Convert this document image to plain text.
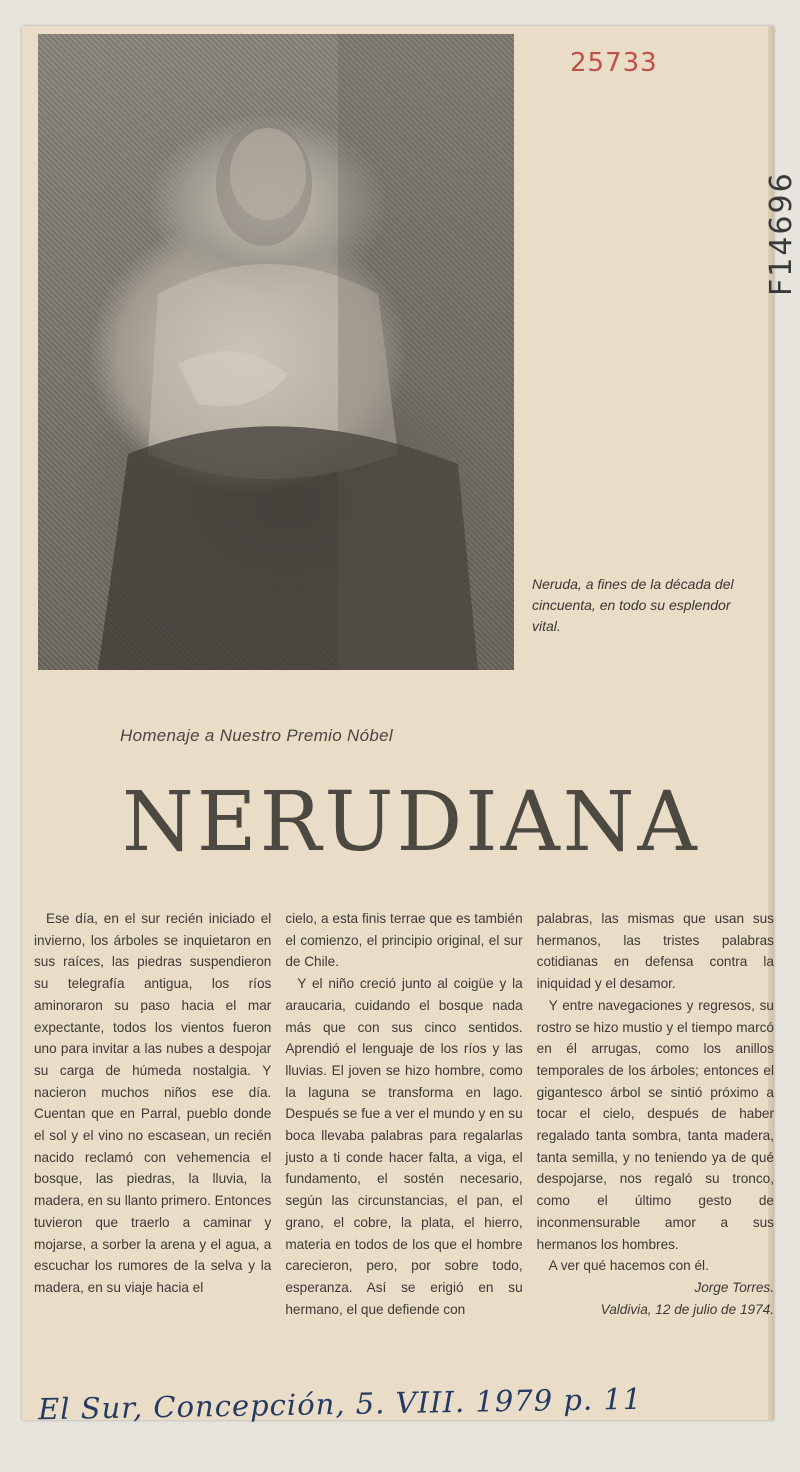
25733
F14696

Neruda, a fines de la década del cincuenta, en todo su esplendor vital.

Homenaje a Nuestro Premio Nóbel
NERUDIANA

Ese día, en el sur recién iniciado el invierno, los árboles se inquietaron en sus raíces, las piedras suspendieron su telegrafía antigua, los ríos aminoraron su paso hacia el mar expectante, todos los vientos fueron uno para invitar a las nubes a despojar su carga de húmeda nostalgia. Y nacieron muchos niños ese día. Cuentan que en Parral, pueblo donde el sol y el vino no escasean, un recién nacido reclamó con vehemencia el bosque, las piedras, la lluvia, la madera, en su llanto primero. Entonces tuvieron que traerlo a caminar y mojarse, a sorber la arena y el agua, a escuchar los rumores de la selva y la madera, en su viaje hacia el

cielo, a esta finis terrae que es también el comienzo, el principio original, el sur de Chile.

Y el niño creció junto al coigüe y la araucaria, cuidando el bosque nada más que con sus cinco sentidos. Aprendió el lenguaje de los ríos y las lluvias. El joven se hizo hombre, como la laguna se transforma en lago. Después se fue a ver el mundo y en su boca llevaba palabras para regalarlas justo a ti conde hacer falta, a viga, el fundamento, el sostén necesario, según las circunstancias, el pan, el grano, el cobre, la plata, el hierro, materia en todos de los que el hombre carecieron, pero, por sobre todo, esperanza. Así se erigió en su hermano, el que defiende con

palabras, las mismas que usan sus hermanos, las tristes palabras cotidianas en defensa contra la iniquidad y el desamor.

Y entre navegaciones y regresos, su rostro se hizo mustio y el tiempo marcó en él arrugas, como los anillos temporales de los árboles; entonces el gigantesco árbol se sintió próximo a tocar el cielo, después de haber regalado tanta sombra, tanta madera, tanta semilla, y no teniendo ya de qué despojarse, nos regaló su tronco, como el último gesto de inconmensurable amor a sus hermanos los hombres.

A ver qué hacemos con él.

Jorge Torres.

Valdivia, 12 de julio de 1974.

El Sur, Concepción, 5. VIII. 1979 p. 11
